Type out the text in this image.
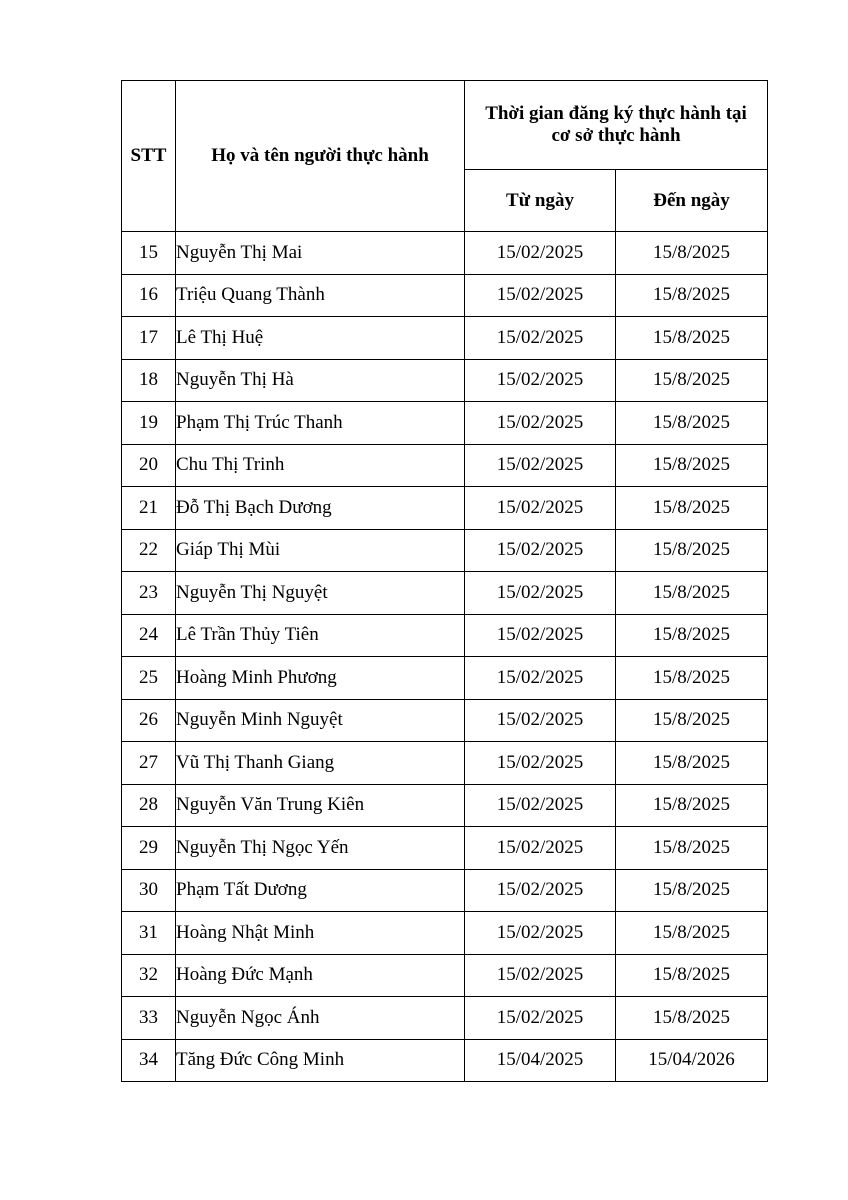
STT	Họ và tên người thực hành	Thời gian đăng ký thực hành tại cơ sở thực hành	
		Từ ngày	Đến ngày
15	Nguyễn Thị Mai	15/02/2025	15/8/2025
16	Triệu Quang Thành	15/02/2025	15/8/2025
17	Lê Thị Huệ	15/02/2025	15/8/2025
18	Nguyễn Thị Hà	15/02/2025	15/8/2025
19	Phạm Thị Trúc Thanh	15/02/2025	15/8/2025
20	Chu Thị Trinh	15/02/2025	15/8/2025
21	Đỗ Thị Bạch Dương	15/02/2025	15/8/2025
22	Giáp Thị Mùi	15/02/2025	15/8/2025
23	Nguyễn Thị Nguyệt	15/02/2025	15/8/2025
24	Lê Trần Thủy Tiên	15/02/2025	15/8/2025
25	Hoàng Minh Phương	15/02/2025	15/8/2025
26	Nguyễn Minh Nguyệt	15/02/2025	15/8/2025
27	Vũ Thị Thanh Giang	15/02/2025	15/8/2025
28	Nguyễn Văn Trung Kiên	15/02/2025	15/8/2025
29	Nguyễn Thị Ngọc Yến	15/02/2025	15/8/2025
30	Phạm Tất Dương	15/02/2025	15/8/2025
31	Hoàng Nhật Minh	15/02/2025	15/8/2025
32	Hoàng Đức Mạnh	15/02/2025	15/8/2025
33	Nguyễn Ngọc Ánh	15/02/2025	15/8/2025
34	Tăng Đức Công Minh	15/04/2025	15/04/2026
